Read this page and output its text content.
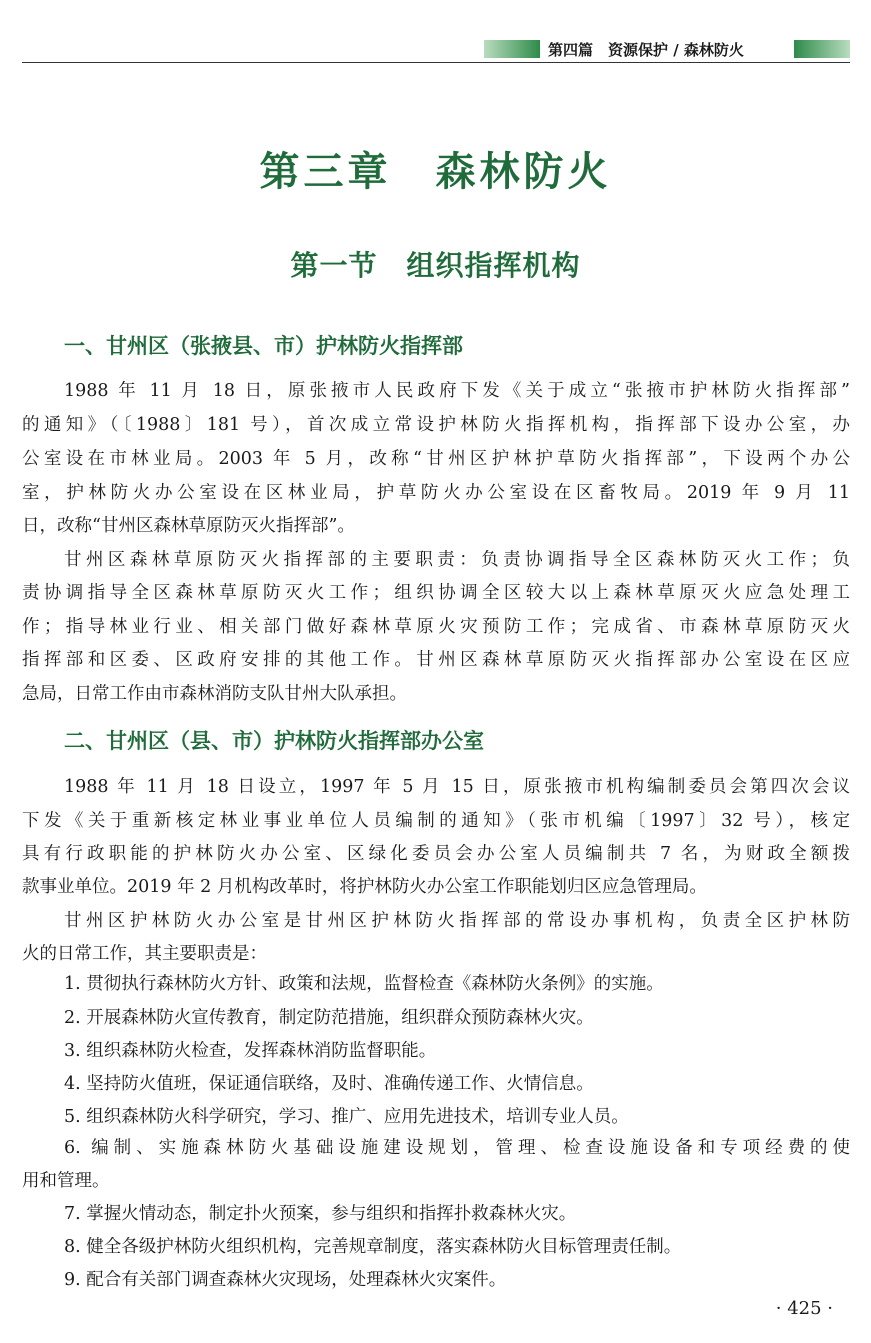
第四篇　资源保护 / 森林防火
第三章　森林防火
第一节　组织指挥机构
一、甘州区（张掖县、市）护林防火指挥部
1988 年 11 月 18 日，原张掖市人民政府下发《关于成立“张掖市护林防火指挥部”
的通知》（〔1988〕181 号），首次成立常设护林防火指挥机构，指挥部下设办公室，办
公室设在市林业局。2003 年 5 月，改称“甘州区护林护草防火指挥部”，下设两个办公
室，护林防火办公室设在区林业局，护草防火办公室设在区畜牧局。2019 年 9 月 11
日，改称“甘州区森林草原防灭火指挥部”。
甘州区森林草原防灭火指挥部的主要职责：负责协调指导全区森林防灭火工作；负
责协调指导全区森林草原防灭火工作；组织协调全区较大以上森林草原灭火应急处理工
作；指导林业行业、相关部门做好森林草原火灾预防工作；完成省、市森林草原防灭火
指挥部和区委、区政府安排的其他工作。甘州区森林草原防灭火指挥部办公室设在区应
急局，日常工作由市森林消防支队甘州大队承担。
二、甘州区（县、市）护林防火指挥部办公室
1988 年 11 月 18 日设立，1997 年 5 月 15 日，原张掖市机构编制委员会第四次会议
下发《关于重新核定林业事业单位人员编制的通知》（张市机编〔1997〕32 号），核定
具有行政职能的护林防火办公室、区绿化委员会办公室人员编制共 7 名，为财政全额拨
款事业单位。2019 年 2 月机构改革时，将护林防火办公室工作职能划归区应急管理局。
甘州区护林防火办公室是甘州区护林防火指挥部的常设办事机构，负责全区护林防
火的日常工作，其主要职责是：
1. 贯彻执行森林防火方针、政策和法规，监督检查《森林防火条例》的实施。
2. 开展森林防火宣传教育，制定防范措施，组织群众预防森林火灾。
3. 组织森林防火检查，发挥森林消防监督职能。
4. 坚持防火值班，保证通信联络，及时、准确传递工作、火情信息。
5. 组织森林防火科学研究，学习、推广、应用先进技术，培训专业人员。
6. 编制、实施森林防火基础设施建设规划，管理、检查设施设备和专项经费的使
用和管理。
7. 掌握火情动态，制定扑火预案，参与组织和指挥扑救森林火灾。
8. 健全各级护林防火组织机构，完善规章制度，落实森林防火目标管理责任制。
9. 配合有关部门调查森林火灾现场，处理森林火灾案件。
· 425 ·
